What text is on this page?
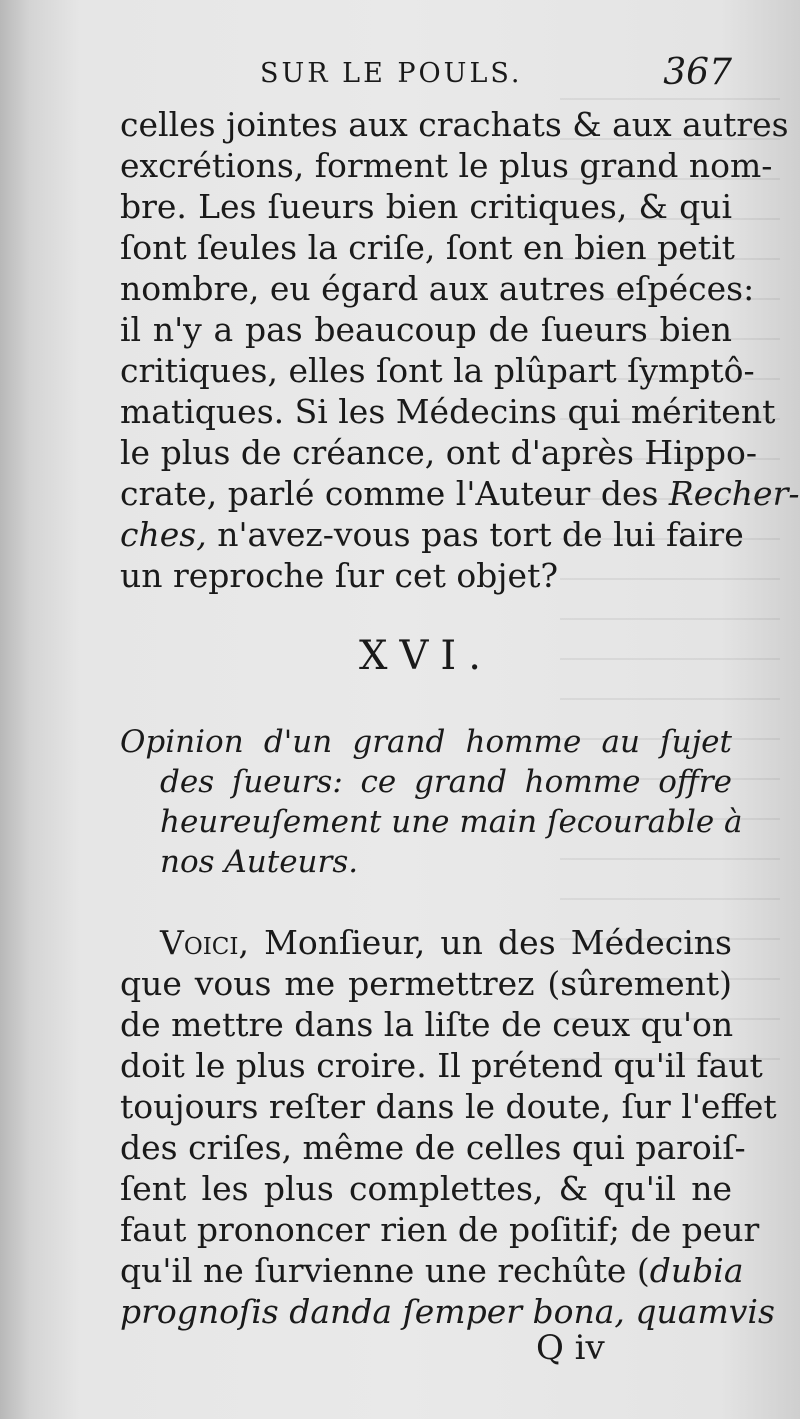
SUR LE POULS.	367
celles jointes aux crachats & aux autres
excrétions, forment le plus grand nom-
bre. Les ſueurs bien critiques, & qui
ſont ſeules la criſe, ſont en bien petit
nombre, eu égard aux autres eſpéces:
il n'y a pas beaucoup de ſueurs bien
critiques, elles ſont la plûpart ſymptô-
matiques. Si les Médecins qui méritent
le plus de créance, ont d'après Hippo-
crate, parlé comme l'Auteur des Recher-
ches, n'avez-vous pas tort de lui faire
un reproche ſur cet objet?
XVI.
Opinion d'un grand homme au ſujet
des ſueurs: ce grand homme offre
heureuſement une main ſecourable à
nos Auteurs.
Voici, Monſieur, un des Médecins
que vous me permettrez (sûrement)
de mettre dans la liſte de ceux qu'on
doit le plus croire. Il prétend qu'il faut
toujours reſter dans le doute, ſur l'effet
des criſes, même de celles qui paroiſ-
ſent les plus complettes, & qu'il ne
faut prononcer rien de poſitif; de peur
qu'il ne ſurvienne une rechûte (dubia
prognoſis danda ſemper bona, quamvis
Q iv
